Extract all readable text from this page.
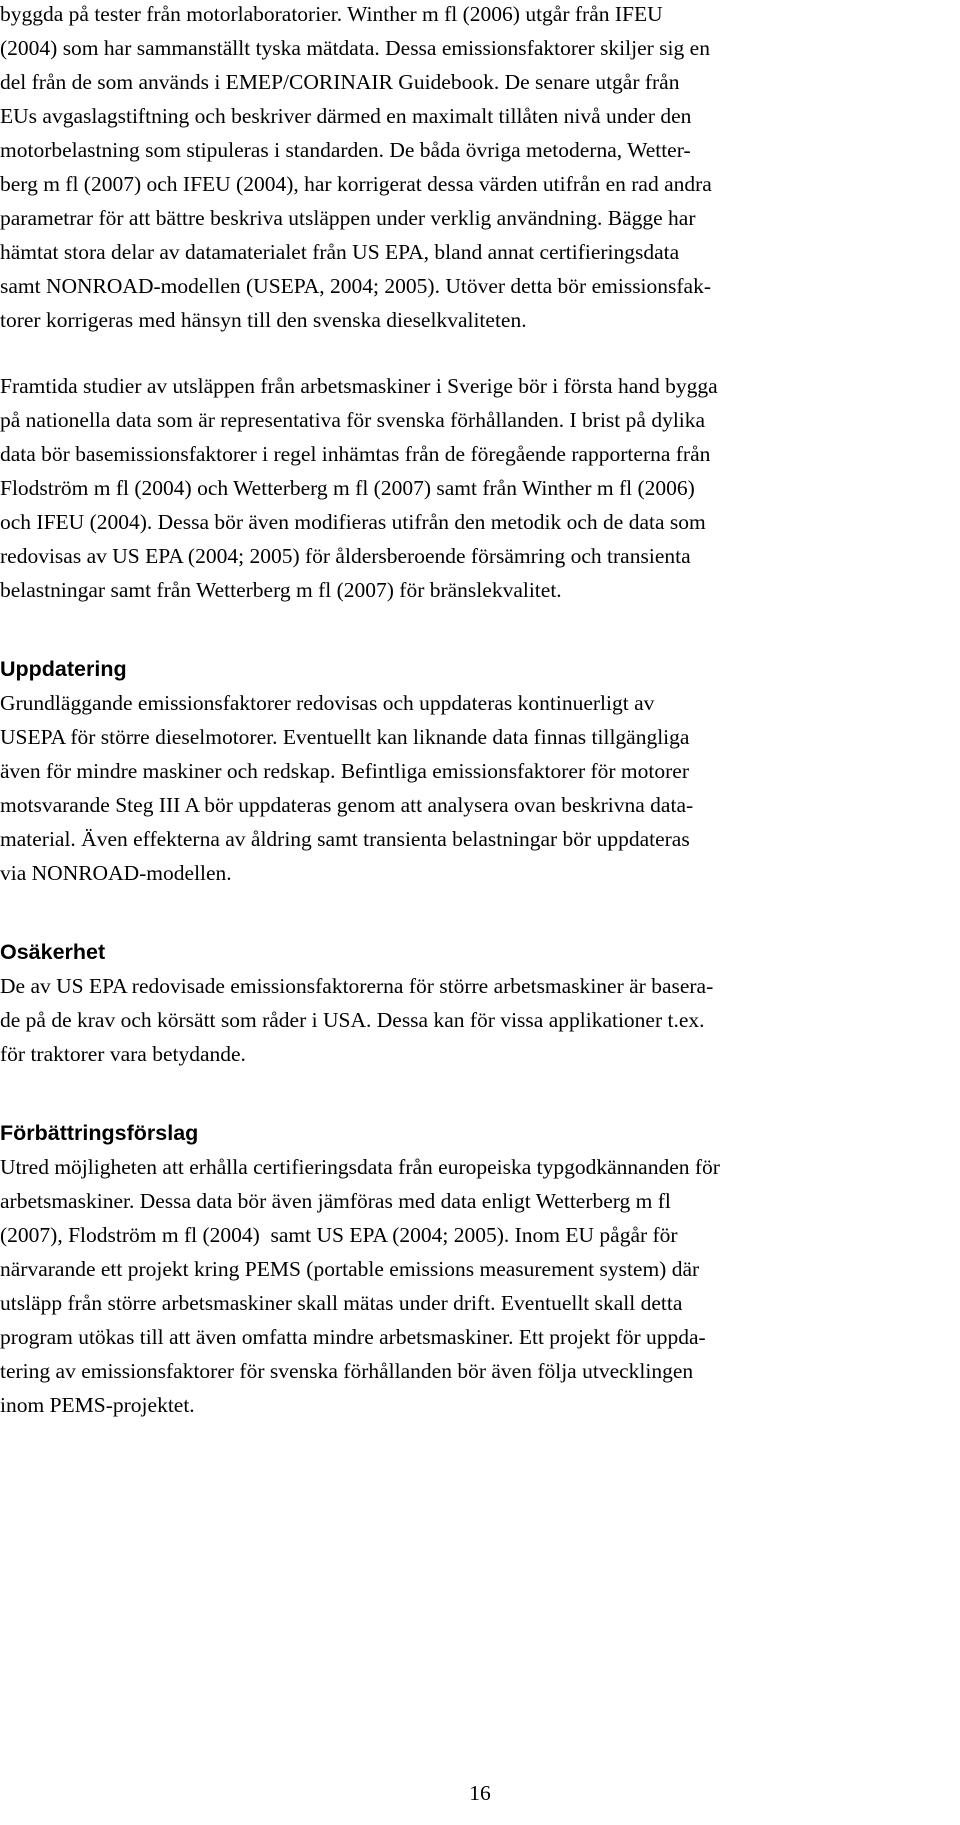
byggda på tester från motorlaboratorier. Winther m fl (2006) utgår från IFEU

(2004) som har sammanställt tyska mätdata. Dessa emissionsfaktorer skiljer sig en

del från de som används i EMEP/CORINAIR Guidebook. De senare utgår från

EUs avgaslagstiftning och beskriver därmed en maximalt tillåten nivå under den

motorbelastning som stipuleras i standarden. De båda övriga metoderna, Wetter-

berg m fl (2007) och IFEU (2004), har korrigerat dessa värden utifrån en rad andra

parametrar för att bättre beskriva utsläppen under verklig användning. Bägge har

hämtat stora delar av datamaterialet från US EPA, bland annat certifieringsdata

samt NONROAD-modellen (USEPA, 2004; 2005). Utöver detta bör emissionsfak-

torer korrigeras med hänsyn till den svenska dieselkvaliteten.

Framtida studier av utsläppen från arbetsmaskiner i Sverige bör i första hand bygga

på nationella data som är representativa för svenska förhållanden. I brist på dylika

data bör basemissionsfaktorer i regel inhämtas från de föregående rapporterna från

Flodström m fl (2004) och Wetterberg m fl (2007) samt från Winther m fl (2006)

och IFEU (2004). Dessa bör även modifieras utifrån den metodik och de data som

redovisas av US EPA (2004; 2005) för åldersberoende försämring och transienta

belastningar samt från Wetterberg m fl (2007) för bränslekvalitet.

Uppdatering

Grundläggande emissionsfaktorer redovisas och uppdateras kontinuerligt av

USEPA för större dieselmotorer. Eventuellt kan liknande data finnas tillgängliga

även för mindre maskiner och redskap. Befintliga emissionsfaktorer för motorer

motsvarande Steg III A bör uppdateras genom att analysera ovan beskrivna data-

material. Även effekterna av åldring samt transienta belastningar bör uppdateras

via NONROAD-modellen.

Osäkerhet

De av US EPA redovisade emissionsfaktorerna för större arbetsmaskiner är basera-

de på de krav och körsätt som råder i USA. Dessa kan för vissa applikationer t.ex.

för traktorer vara betydande.

Förbättringsförslag

Utred möjligheten att erhålla certifieringsdata från europeiska typgodkännanden för

arbetsmaskiner. Dessa data bör även jämföras med data enligt Wetterberg m fl

(2007), Flodström m fl (2004)  samt US EPA (2004; 2005). Inom EU pågår för

närvarande ett projekt kring PEMS (portable emissions measurement system) där

utsläpp från större arbetsmaskiner skall mätas under drift. Eventuellt skall detta

program utökas till att även omfatta mindre arbetsmaskiner. Ett projekt för uppda-

tering av emissionsfaktorer för svenska förhållanden bör även följa utvecklingen

inom PEMS-projektet.

16
